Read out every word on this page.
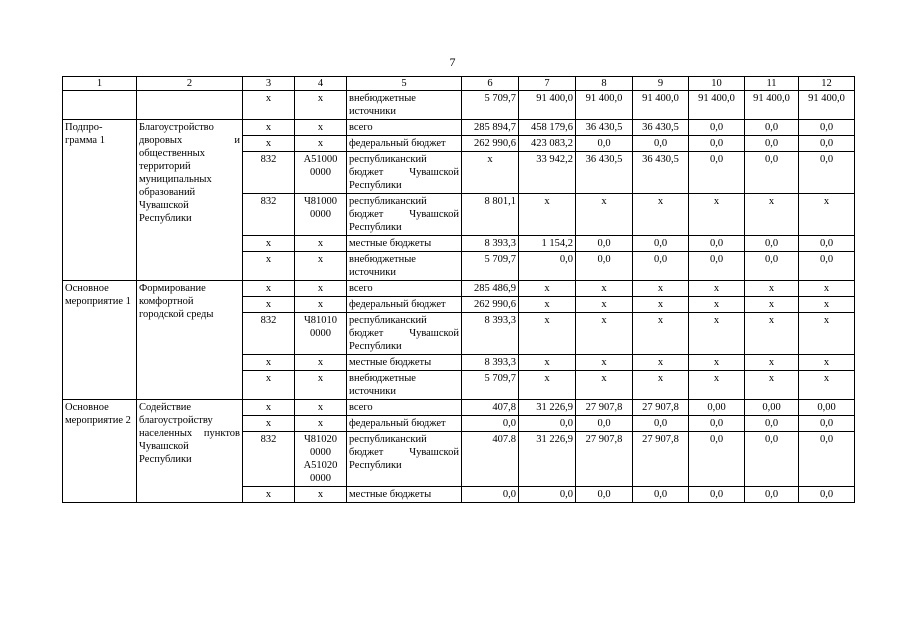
7
1	2	3	4	5	6	7	8	9	10	11	12
		x	x	внебюджетные источники	5 709,7	91 400,0	91 400,0	91 400,0	91 400,0	91 400,0	91 400,0
Подпро-грамма 1	Благоустройство дворовых и общественных территорий муниципальных образований Чувашской Республики	x	x	всего	285 894,7	458 179,6	36 430,5	36 430,5	0,0	0,0	0,0
		x	x	федеральный бюджет	262 990,6	423 083,2	0,0	0,0	0,0	0,0	0,0
		832	А51000 0000	республиканский бюджет Чувашской Республики	x	33 942,2	36 430,5	36 430,5	0,0	0,0	0,0
		832	Ч81000 0000	республиканский бюджет Чувашской Республики	8 801,1	x	x	x	x	x	x
		x	x	местные бюджеты	8 393,3	1 154,2	0,0	0,0	0,0	0,0	0,0
		x	x	внебюджетные источники	5 709,7	0,0	0,0	0,0	0,0	0,0	0,0
Основное мероприятие 1	Формирование комфортной городской среды	x	x	всего	285 486,9	x	x	x	x	x	x
		x	x	федеральный бюджет	262 990,6	x	x	x	x	x	x
		832	Ч81010 0000	республиканский бюджет Чувашской Республики	8 393,3	x	x	x	x	x	x
		x	x	местные бюджеты	8 393,3	x	x	x	x	x	x
		x	x	внебюджетные источники	5 709,7	x	x	x	x	x	x
Основное мероприятие 2	Содействие благоустройству населенных пунктов Чувашской Республики	x	x	всего	407,8	31 226,9	27 907,8	27 907,8	0,00	0,00	0,00
		x	x	федеральный бюджет	0,0	0,0	0,0	0,0	0,0	0,0	0,0
		832	Ч81020 0000 А51020 0000	республиканский бюджет Чувашской Республики	407.8	31 226,9	27 907,8	27 907,8	0,0	0,0	0,0
		x	x	местные бюджеты	0,0	0,0	0,0	0,0	0,0	0,0	0,0
